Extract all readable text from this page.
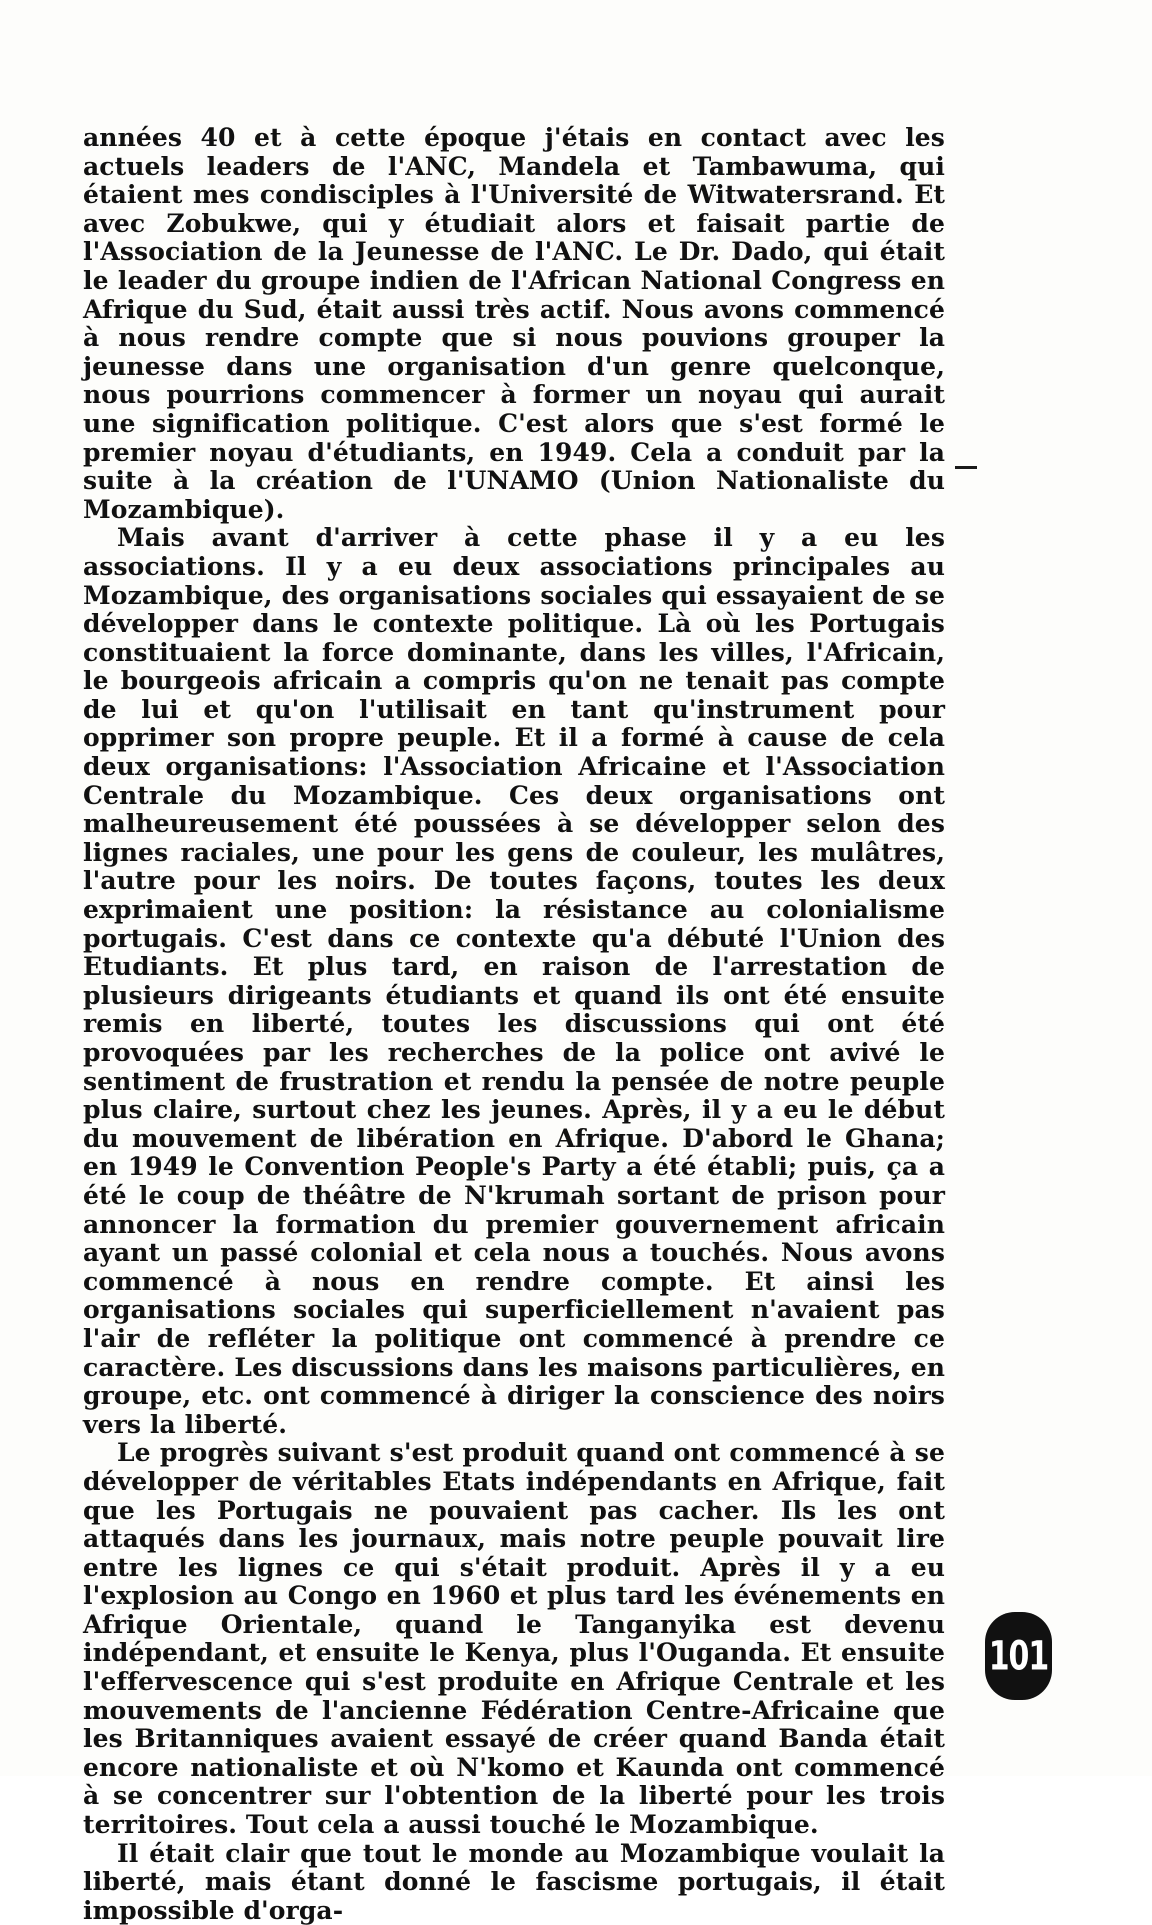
années 40 et à cette époque j'étais en contact avec les actuels leaders de l'ANC, Mandela et Tambawuma, qui étaient mes condisciples à l'Université de Witwatersrand. Et avec Zobukwe, qui y étudiait alors et faisait partie de l'Association de la Jeunesse de l'ANC. Le Dr. Dado, qui était le leader du groupe indien de l'African National Congress en Afrique du Sud, était aussi très actif. Nous avons commencé à nous rendre compte que si nous pouvions grouper la jeunesse dans une organisation d'un genre quelconque, nous pourrions commencer à former un noyau qui aurait une signification politique. C'est alors que s'est formé le premier noyau d'étudiants, en 1949. Cela a conduit par la suite à la création de l'UNAMO (Union Nationaliste du Mozambique).

Mais avant d'arriver à cette phase il y a eu les associations. Il y a eu deux associations principales au Mozambique, des organisations sociales qui essayaient de se développer dans le contexte politique. Là où les Portugais constituaient la force dominante, dans les villes, l'Africain, le bourgeois africain a compris qu'on ne tenait pas compte de lui et qu'on l'utilisait en tant qu'instrument pour opprimer son propre peuple. Et il a formé à cause de cela deux organisations: l'Association Africaine et l'Association Centrale du Mozambique. Ces deux organisations ont malheureusement été poussées à se développer selon des lignes raciales, une pour les gens de couleur, les mulâtres, l'autre pour les noirs. De toutes façons, toutes les deux exprimaient une position: la résistance au colonialisme portugais. C'est dans ce contexte qu'a débuté l'Union des Etudiants. Et plus tard, en raison de l'arrestation de plusieurs dirigeants étudiants et quand ils ont été ensuite remis en liberté, toutes les discussions qui ont été provoquées par les recherches de la police ont avivé le sentiment de frustration et rendu la pensée de notre peuple plus claire, surtout chez les jeunes. Après, il y a eu le début du mouvement de libération en Afrique. D'abord le Ghana; en 1949 le Convention People's Party a été établi; puis, ça a été le coup de théâtre de N'krumah sortant de prison pour annoncer la formation du premier gouvernement africain ayant un passé colonial et cela nous a touchés. Nous avons commencé à nous en rendre compte. Et ainsi les organisations sociales qui superficiellement n'avaient pas l'air de refléter la politique ont commencé à prendre ce caractère. Les discussions dans les maisons particulières, en groupe, etc. ont commencé à diriger la conscience des noirs vers la liberté.

Le progrès suivant s'est produit quand ont commencé à se développer de véritables Etats indépendants en Afrique, fait que les Portugais ne pouvaient pas cacher. Ils les ont attaqués dans les journaux, mais notre peuple pouvait lire entre les lignes ce qui s'était produit. Après il y a eu l'explosion au Congo en 1960 et plus tard les événements en Afrique Orientale, quand le Tanganyika est devenu indépendant, et ensuite le Kenya, plus l'Ouganda. Et ensuite l'effervescence qui s'est produite en Afrique Centrale et les mouvements de l'ancienne Fédération Centre-Africaine que les Britanniques avaient essayé de créer quand Banda était encore nationaliste et où N'komo et Kaunda ont commencé à se concentrer sur l'obtention de la liberté pour les trois territoires. Tout cela a aussi touché le Mozambique.

Il était clair que tout le monde au Mozambique voulait la liberté, mais étant donné le fascisme portugais, il était impossible d'orga-

101
